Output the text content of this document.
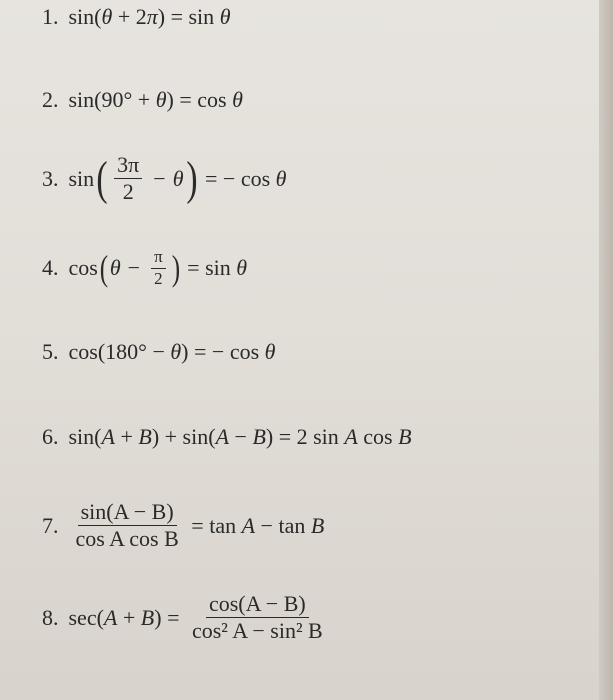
1. sin(θ + 2π) = sin θ
2. sin(90° + θ) = cos θ
3. sin ( $\frac{3\pi}{2} - \theta$ ) = − cos θ
4. cos ( $\theta - \frac{\pi}{2}$ ) = sin θ
5. cos(180° − θ) = − cos θ
6. sin(A + B) + sin(A − B) = 2 sin A cos B
7. $\frac{\sin(A - B)}{\text{cos A cos B}} = \tan A - \tan B$
8. $\sec(A + B) = \frac{\cos(A - B)}{\text{cos² A − sin² B}}$
